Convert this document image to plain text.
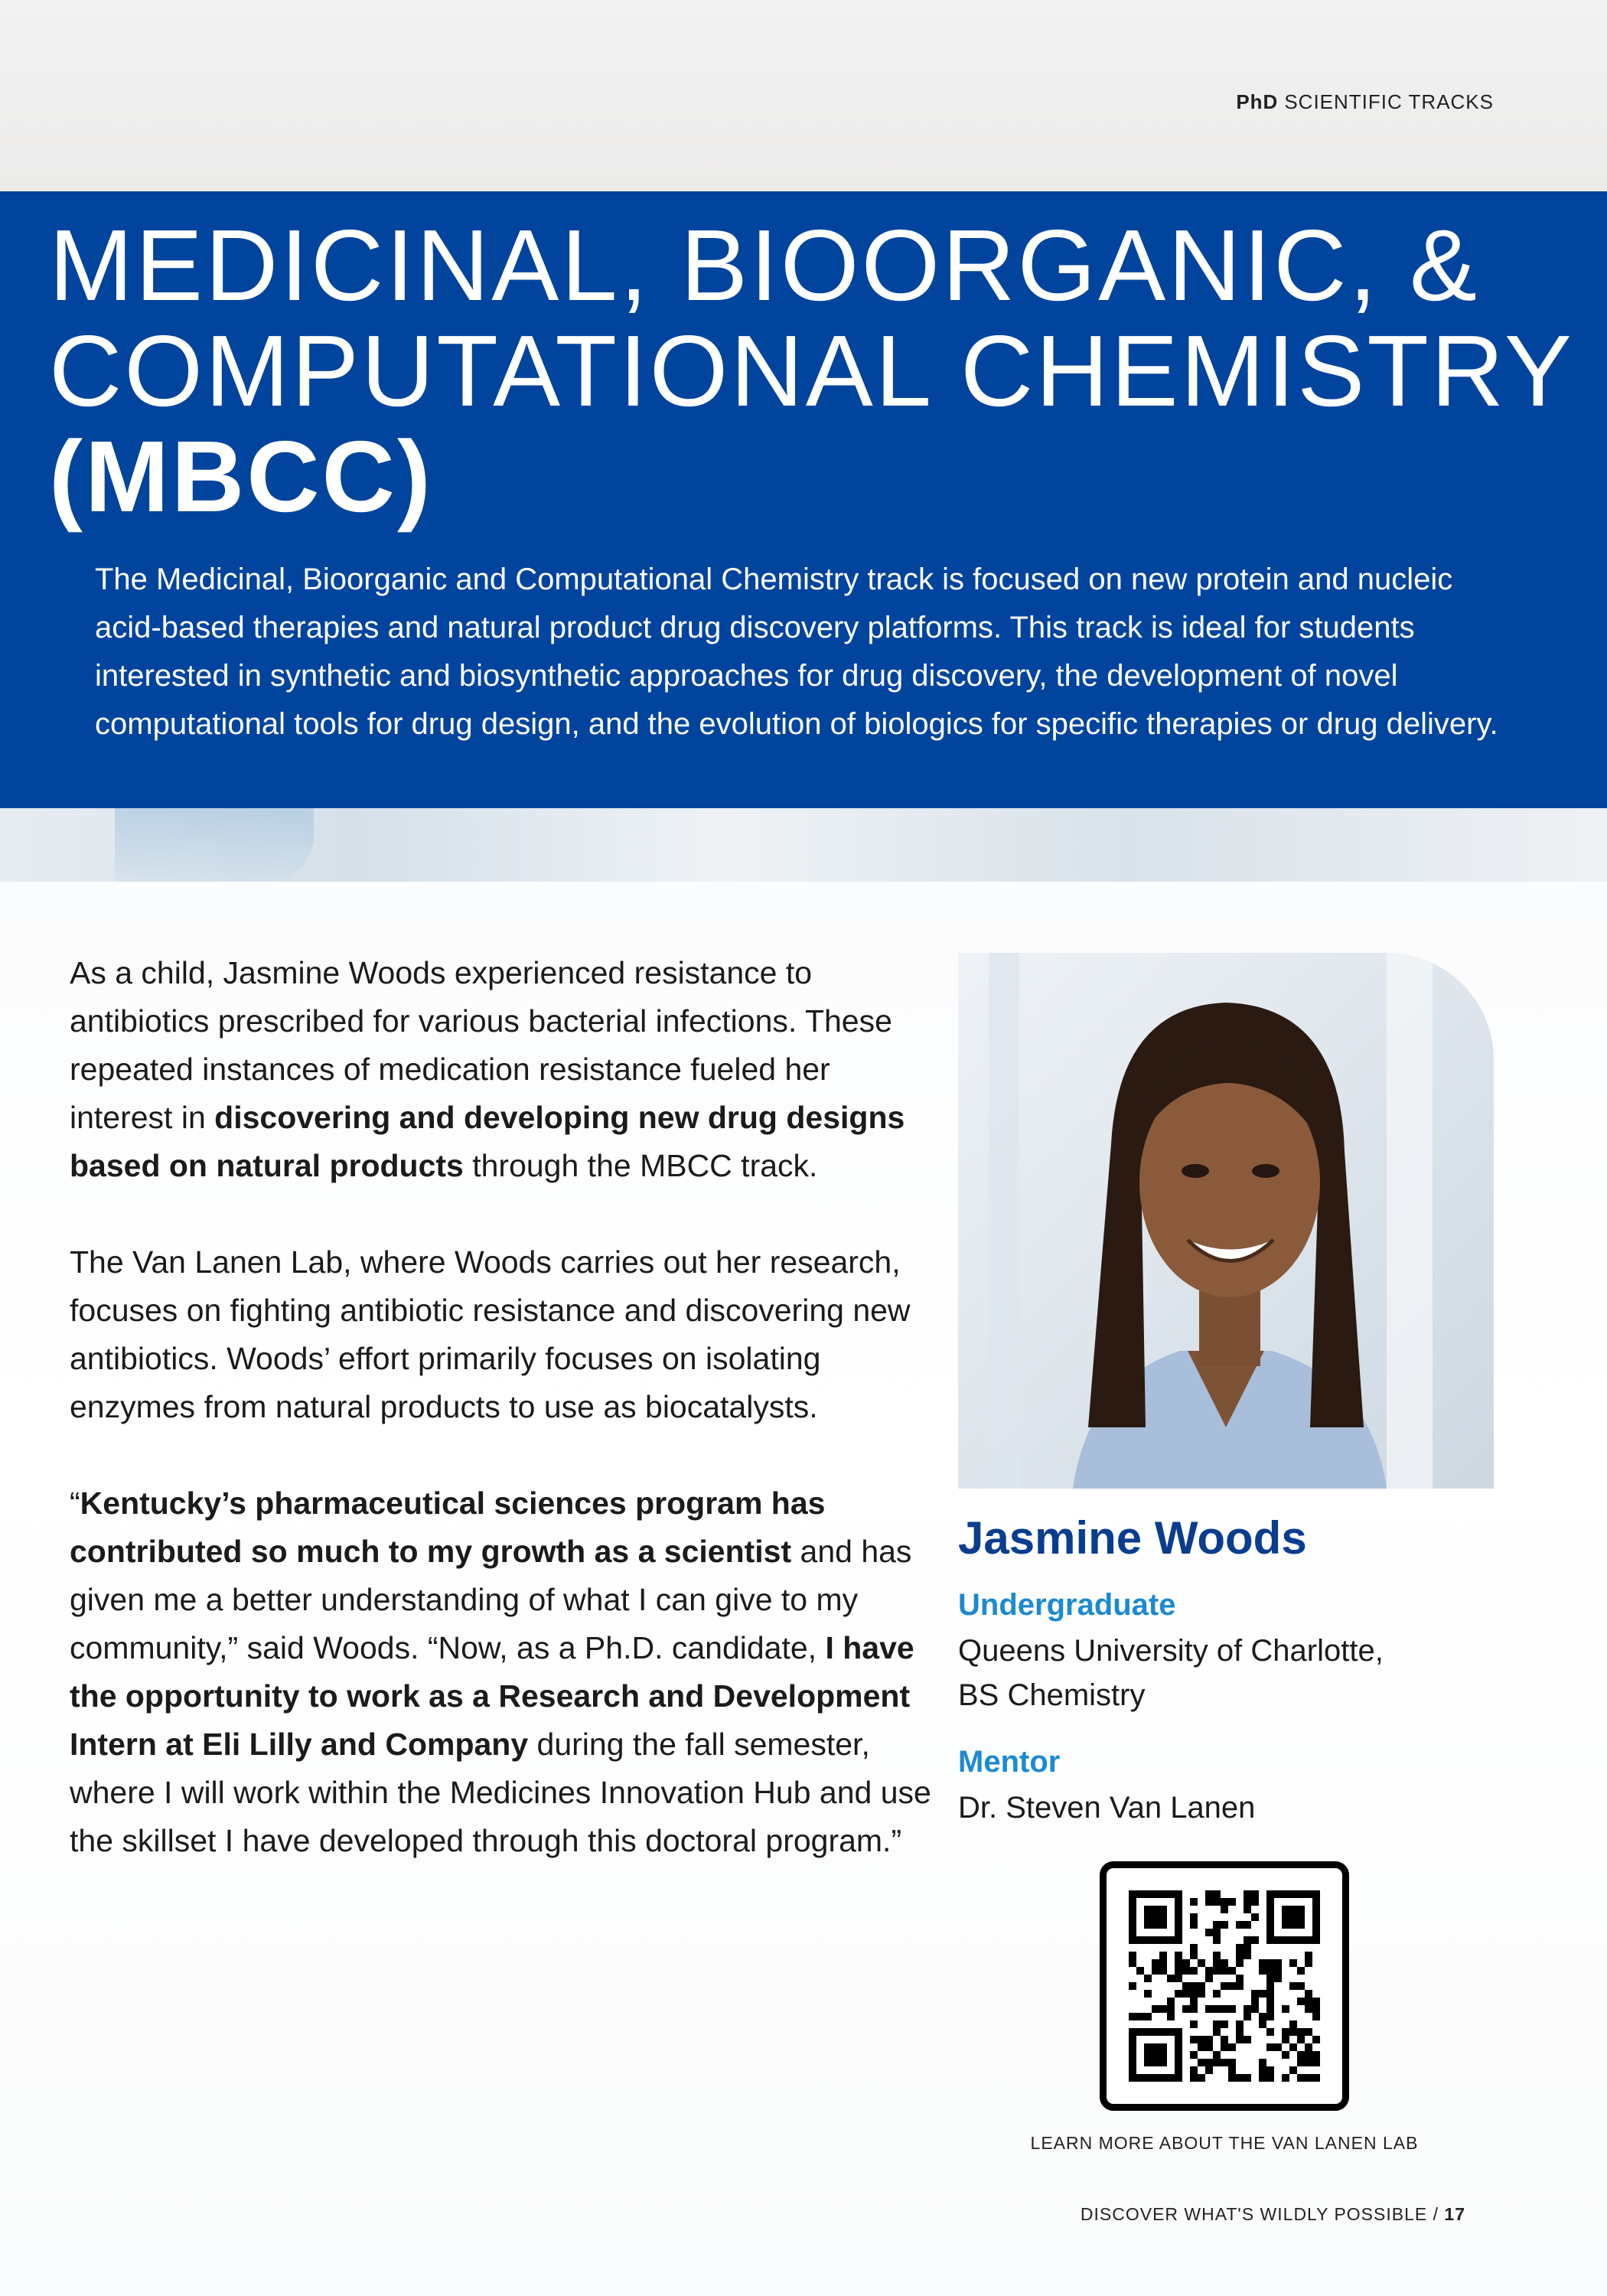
PhD SCIENTIFIC TRACKS
MEDICINAL, BIOORGANIC, &
COMPUTATIONAL CHEMISTRY
(MBCC)

The Medicinal, Bioorganic and Computational Chemistry track is focused on new protein and nucleic acid-based therapies and natural product drug discovery platforms. This track is ideal for students interested in synthetic and biosynthetic approaches for drug discovery, the development of novel computational tools for drug design, and the evolution of biologics for specific therapies or drug delivery.

As a child, Jasmine Woods experienced resistance to antibiotics prescribed for various bacterial infections. These repeated instances of medication resistance fueled her interest in discovering and developing new drug designs based on natural products through the MBCC track.

The Van Lanen Lab, where Woods carries out her research, focuses on fighting antibiotic resistance and discovering new antibiotics. Woods’ effort primarily focuses on isolating enzymes from natural products to use as biocatalysts.

“Kentucky’s pharmaceutical sciences program has contributed so much to my growth as a scientist and has given me a better understanding of what I can give to my community,” said Woods. “Now, as a Ph.D. candidate, I have the opportunity to work as a Research and Development Intern at Eli Lilly and Company during the fall semester, where I will work within the Medicines Innovation Hub and use the skillset I have developed through this doctoral program.”

Jasmine Woods
Undergraduate
Queens University of Charlotte,
BS Chemistry
Mentor
Dr. Steven Van Lanen
LEARN MORE ABOUT THE VAN LANEN LAB
DISCOVER WHAT'S WILDLY POSSIBLE / 17
